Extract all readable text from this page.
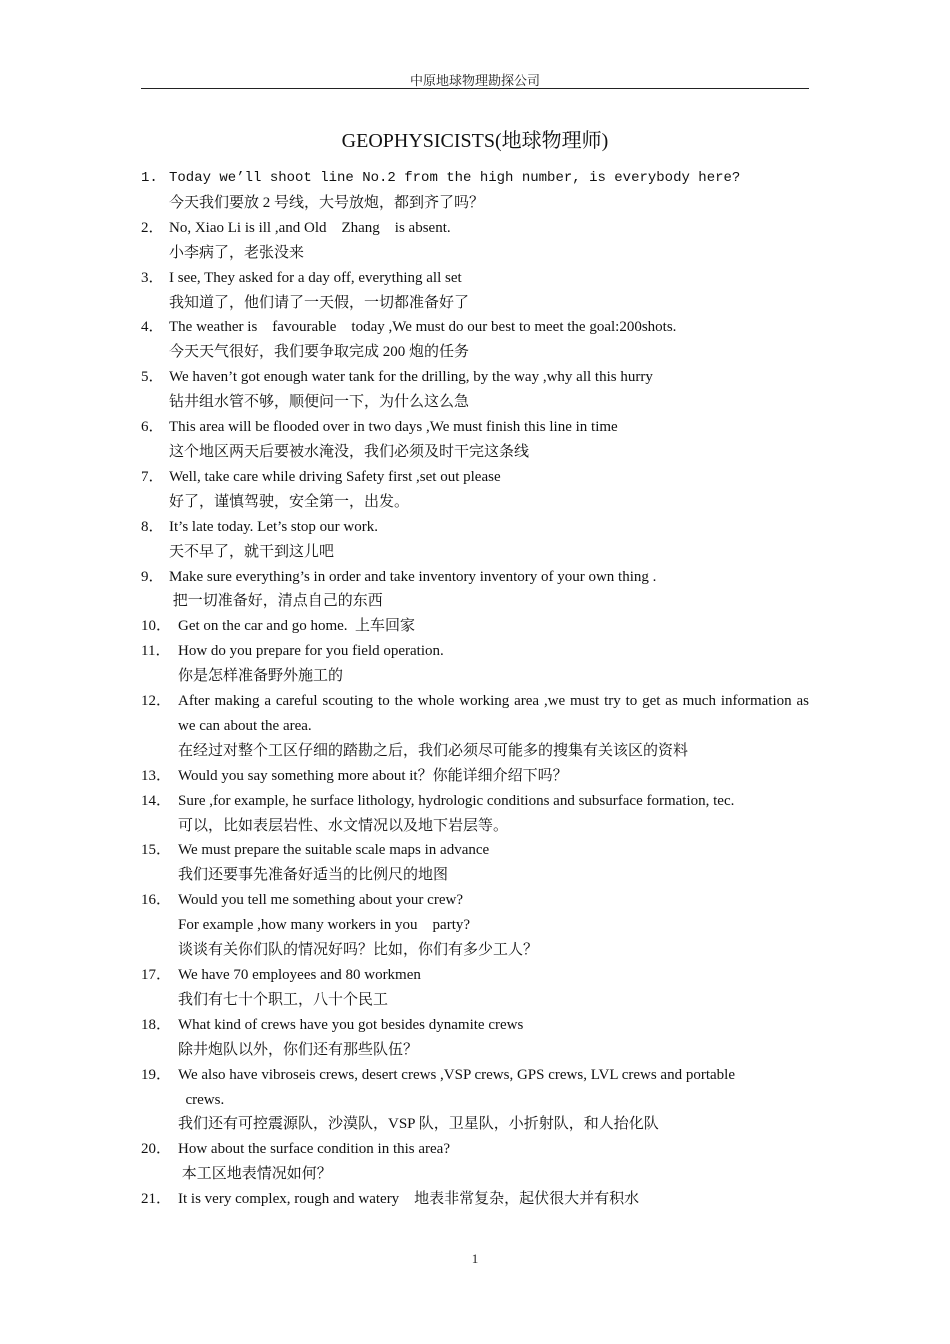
中原地球物理勘探公司
GEOPHYSICISTS(地球物理师)
1. Today we’ll shoot line No.2 from the high number, is everybody here?
今天我们要放 2 号线，大号放炮，都到齐了吗？
2． No, Xiao Li is ill ,and Old    Zhang    is absent.
小李病了，老张没来
3． I see, They asked for a day off, everything all set
我知道了，他们请了一天假，一切都准备好了
4． The weather is    favourable    today ,We must do our best to meet the goal:200shots.
今天天气很好，我们要争取完成 200 炮的任务
5． We haven’t got enough water tank for the drilling, by the way ,why all this hurry
钻井组水管不够，顺便问一下，为什么这么急
6． This area will be flooded over in two days ,We must finish this line in time
这个地区两天后要被水淹没，我们必须及时干完这条线
7． Well, take care while driving Safety first ,set out please
好了，谨慎驾驶，安全第一，出发。
8． It’s late today. Let’s stop our work.
天不早了，就干到这儿吧
9． Make sure everything’s in order and take inventory inventory of your own thing .
把一切准备好，清点自己的东西
10． Get on the car and go home.  上车回家
11． How do you prepare for you field operation.
你是怎样准备野外施工的
12． After making a careful scouting to the whole working area ,we must try to get as much information as we can about the area.
在经过对整个工区仔细的踏勘之后，我们必须尽可能多的搜集有关该区的资料
13． Would you say something more about it？你能详细介绍下吗？
14． Sure ,for example, he surface lithology, hydrologic conditions and subsurface formation, tec.
可以，比如表层岩性、水文情况以及地下岩层等。
15． We must prepare the suitable scale maps in advance
我们还要事先准备好适当的比例尺的地图
16． Would you tell me something about your crew?
For example ,how many workers in you    party?
谈谈有关你们队的情况好吗？比如，你们有多少工人？
17． We have 70 employees and 80 workmen
我们有七十个职工，八十个民工
18． What kind of crews have you got besides dynamite crews
除井炮队以外，你们还有那些队伍？
19． We also have vibroseis crews, desert crews ,VSP crews, GPS crews, LVL crews and portable
crews.
我们还有可控震源队，沙漠队，VSP 队，卫星队，小折射队，和人抬化队
20． How about the surface condition in this area?
本工区地表情况如何？
21． It is very complex, rough and watery    地表非常复杂，起伏很大并有积水
1
